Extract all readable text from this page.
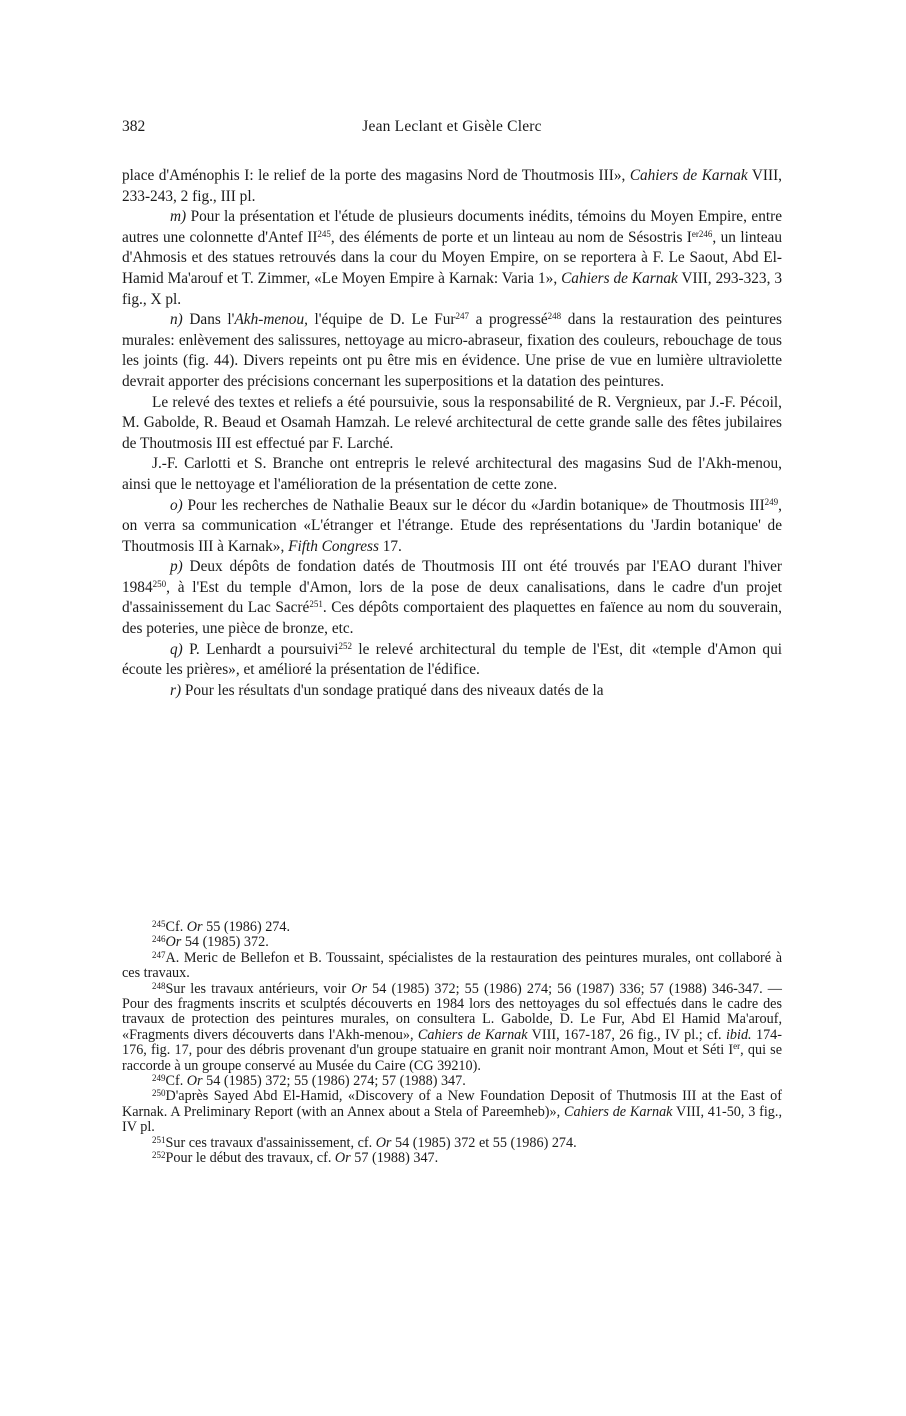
382	Jean Leclant et Gisèle Clerc

place d'Aménophis I: le relief de la porte des magasins Nord de Thoutmosis III», Cahiers de Karnak VIII, 233-243, 2 fig., III pl.

m) Pour la présentation et l'étude de plusieurs documents inédits, témoins du Moyen Empire, entre autres une colonnette d'Antef II$^{245}$, des éléments de porte et un linteau au nom de Sésostris $I^{er246}$, un linteau d'Ahmosis et des statues retrouvés dans la cour du Moyen Empire, on se reportera à F. Le Saout, Abd El-Hamid Ma'arouf et T. Zimmer, «Le Moyen Empire à Karnak: Varia 1», Cahiers de Karnak VIII, 293-323, 3 fig., X pl.

n) Dans l'Akh-menou, l'équipe de D. Le Fur$^{247}$ a progressé$^{248}$ dans la restauration des peintures murales: enlèvement des salissures, nettoyage au micro-abraseur, fixation des couleurs, rebouchage de tous les joints (fig. 44). Divers repeints ont pu être mis en évidence. Une prise de vue en lumière ultraviolette devrait apporter des précisions concernant les superpositions et la datation des peintures.

Le relevé des textes et reliefs a été poursuivie, sous la responsabilité de R. Vergnieux, par J.-F. Pécoil, M. Gabolde, R. Beaud et Osamah Hamzah. Le relevé architectural de cette grande salle des fêtes jubilaires de Thoutmosis III est effectué par F. Larché.

J.-F. Carlotti et S. Branche ont entrepris le relevé architectural des magasins Sud de l'Akh-menou, ainsi que le nettoyage et l'amélioration de la présentation de cette zone.

o) Pour les recherches de Nathalie Beaux sur le décor du «Jardin botanique» de Thoutmosis III$^{249}$, on verra sa communication «L'étranger et l'étrange. Etude des représentations du 'Jardin botanique' de Thoutmosis III à Karnak», Fifth Congress 17.

p) Deux dépôts de fondation datés de Thoutmosis III ont été trouvés par l'EAO durant l'hiver 1984$^{250}$, à l'Est du temple d'Amon, lors de la pose de deux canalisations, dans le cadre d'un projet d'assainissement du Lac Sacré$^{251}$. Ces dépôts comportaient des plaquettes en faïence au nom du souverain, des poteries, une pièce de bronze, etc.

q) P. Lenhardt a poursuivi$^{252}$ le relevé architectural du temple de l'Est, dit «temple d'Amon qui écoute les prières», et amélioré la présentation de l'édifice.

r) Pour les résultats d'un sondage pratiqué dans des niveaux datés de la

$^{245}$Cf. Or 55 (1986) 274.

$^{246}$Or 54 (1985) 372.

$^{247}$A. Meric de Bellefon et B. Toussaint, spécialistes de la restauration des peintures murales, ont collaboré à ces travaux.

$^{248}$Sur les travaux antérieurs, voir Or 54 (1985) 372; 55 (1986) 274; 56 (1987) 336; 57 (1988) 346-347. — Pour des fragments inscrits et sculptés découverts en 1984 lors des nettoyages du sol effectués dans le cadre des travaux de protection des peintures murales, on consultera L. Gabolde, D. Le Fur, Abd El Hamid Ma'arouf, «Fragments divers découverts dans l'Akh-menou», Cahiers de Karnak VIII, 167-187, 26 fig., IV pl.; cf. ibid. 174-176, fig. 17, pour des débris provenant d'un groupe statuaire en granit noir montrant Amon, Mout et Séti Ier, qui se raccorde à un groupe conservé au Musée du Caire (CG 39210).

$^{249}$Cf. Or 54 (1985) 372; 55 (1986) 274; 57 (1988) 347.

$^{250}$D'après Sayed Abd El-Hamid, «Discovery of a New Foundation Deposit of Thutmosis III at the East of Karnak. A Preliminary Report (with an Annex about a Stela of Pareemheb)», Cahiers de Karnak VIII, 41-50, 3 fig., IV pl.

$^{251}$Sur ces travaux d'assainissement, cf. Or 54 (1985) 372 et 55 (1986) 274.

$^{252}$Pour le début des travaux, cf. Or 57 (1988) 347.
